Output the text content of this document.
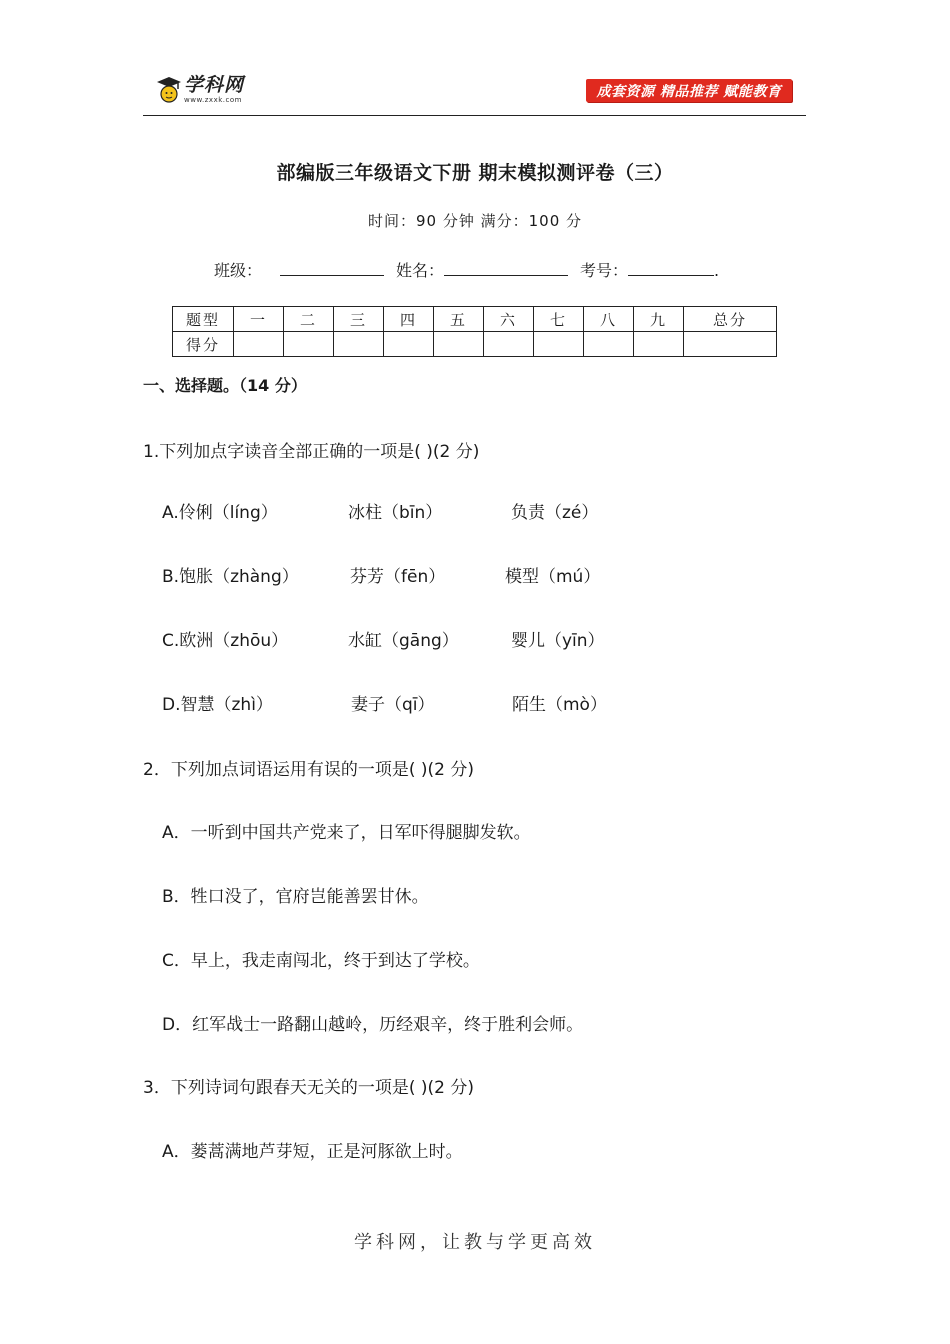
学科网
www.zxxk.com
成套资源 精品推荐 赋能教育
部编版三年级语文下册 期末模拟测评卷（三）
时间：90 分钟 满分：100 分
班级：	姓名：	考号：	.
题型	一	二	三	四	五	六	七	八	九	总分
得分										
一、选择题。（14 分）
1.下列加点字读音全部正确的一项是( )(2 分)
A.伶俐（líng）	冰柱（bīn）	负责（zé）
B.饱胀（zhàng）	芬芳（fēn）	模型（mú）
C.欧洲（zhōu）	水缸（gāng）	婴儿（yīn）
D.智慧（zhì）	妻子（qī）	陌生（mò）
2．下列加点词语运用有误的一项是( )(2 分)
A．一听到中国共产党来了，日军吓得腿脚发软。
B．牲口没了，官府岂能善罢甘休。
C．早上，我走南闯北，终于到达了学校。
D．红军战士一路翻山越岭，历经艰辛，终于胜利会师。
3．下列诗词句跟春天无关的一项是( )(2 分)
A．蒌蒿满地芦芽短，正是河豚欲上时。
学科网，让教与学更高效
